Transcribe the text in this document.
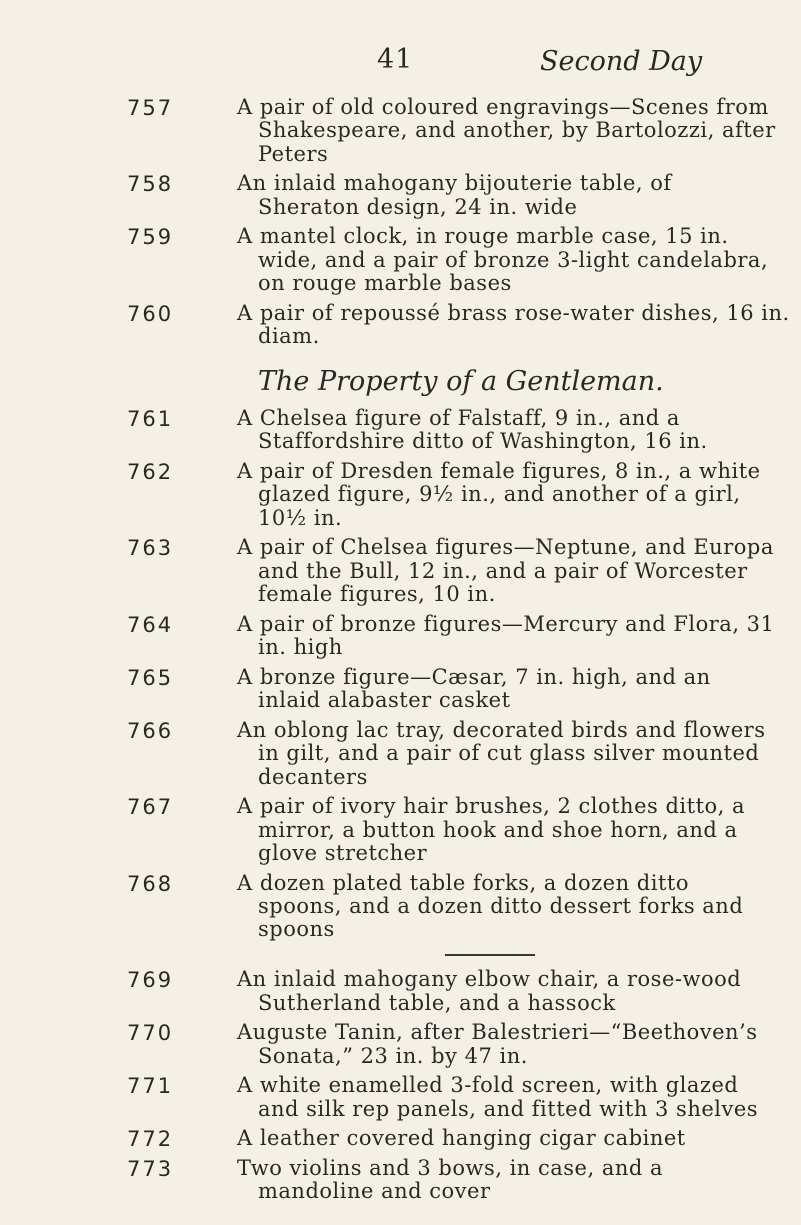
41	Second Day
757	A pair of old coloured engravings—Scenes from Shakespeare, and another, by Bartolozzi, after Peters
758	An inlaid mahogany bijouterie table, of Sheraton design, 24 in. wide
759	A mantel clock, in rouge marble case, 15 in. wide, and a pair of bronze 3-light candelabra, on rouge marble bases
760	A pair of repoussé brass rose-water dishes, 16 in. diam.
The Property of a Gentleman.
761	A Chelsea figure of Falstaff, 9 in., and a Staffordshire ditto of Washington, 16 in.
762	A pair of Dresden female figures, 8 in., a white glazed figure, 9½ in., and another of a girl, 10½ in.
763	A pair of Chelsea figures—Neptune, and Europa and the Bull, 12 in., and a pair of Worcester female figures, 10 in.
764	A pair of bronze figures—Mercury and Flora, 31 in. high
765	A bronze figure—Cæsar, 7 in. high, and an inlaid alabaster casket
766	An oblong lac tray, decorated birds and flowers in gilt, and a pair of cut glass silver mounted decanters
767	A pair of ivory hair brushes, 2 clothes ditto, a mirror, a button hook and shoe horn, and a glove stretcher
768	A dozen plated table forks, a dozen ditto spoons, and a dozen ditto dessert forks and spoons
769	An inlaid mahogany elbow chair, a rose-wood Sutherland table, and a hassock
770	Auguste Tanin, after Balestrieri—“Beethoven’s Sonata,” 23 in. by 47 in.
771	A white enamelled 3-fold screen, with glazed and silk rep panels, and fitted with 3 shelves
772	A leather covered hanging cigar cabinet
773	Two violins and 3 bows, in case, and a mandoline and cover
